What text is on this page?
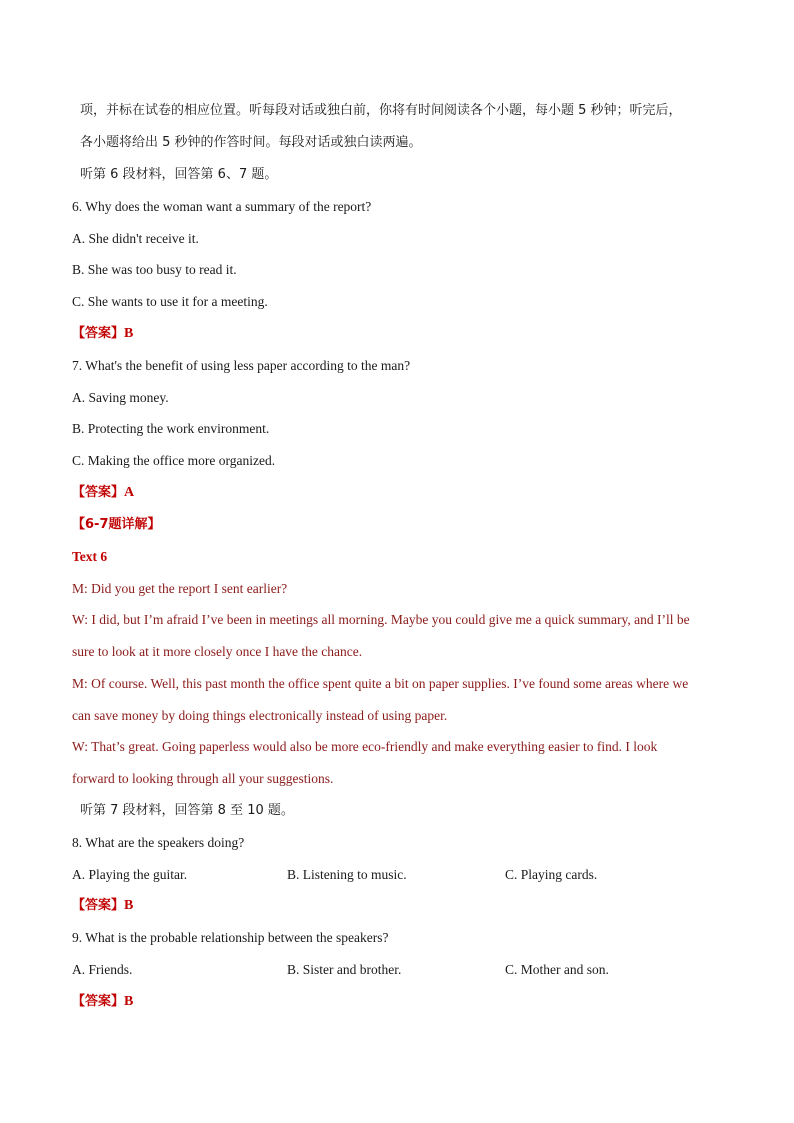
项，并标在试卷的相应位置。听每段对话或独白前，你将有时间阅读各个小题，每小题 5 秒钟；听完后，
各小题将给出 5 秒钟的作答时间。每段对话或独白读两遍。
听第 6 段材料，回答第 6、7 题。
6. Why does the woman want a summary of the report?
A. She didn't receive it.
B. She was too busy to read it.
C. She wants to use it for a meeting.
【答案】B
7. What's the benefit of using less paper according to the man?
A. Saving money.
B. Protecting the work environment.
C. Making the office more organized.
【答案】A
【6-7题详解】
Text 6
M: Did you get the report I sent earlier?
W: I did, but I’m afraid I’ve been in meetings all morning. Maybe you could give me a quick summary, and I’ll be
sure to look at it more closely once I have the chance.
M: Of course. Well, this past month the office spent quite a bit on paper supplies. I’ve found some areas where we
can save money by doing things electronically instead of using paper.
W: That’s great. Going paperless would also be more eco-friendly and make everything easier to find. I look
forward to looking through all your suggestions.
听第 7 段材料，回答第 8 至 10 题。
8. What are the speakers doing?
A. Playing the guitar.	B. Listening to music.	C. Playing cards.
【答案】B
9. What is the probable relationship between the speakers?
A. Friends.	B. Sister and brother.	C. Mother and son.
【答案】B
